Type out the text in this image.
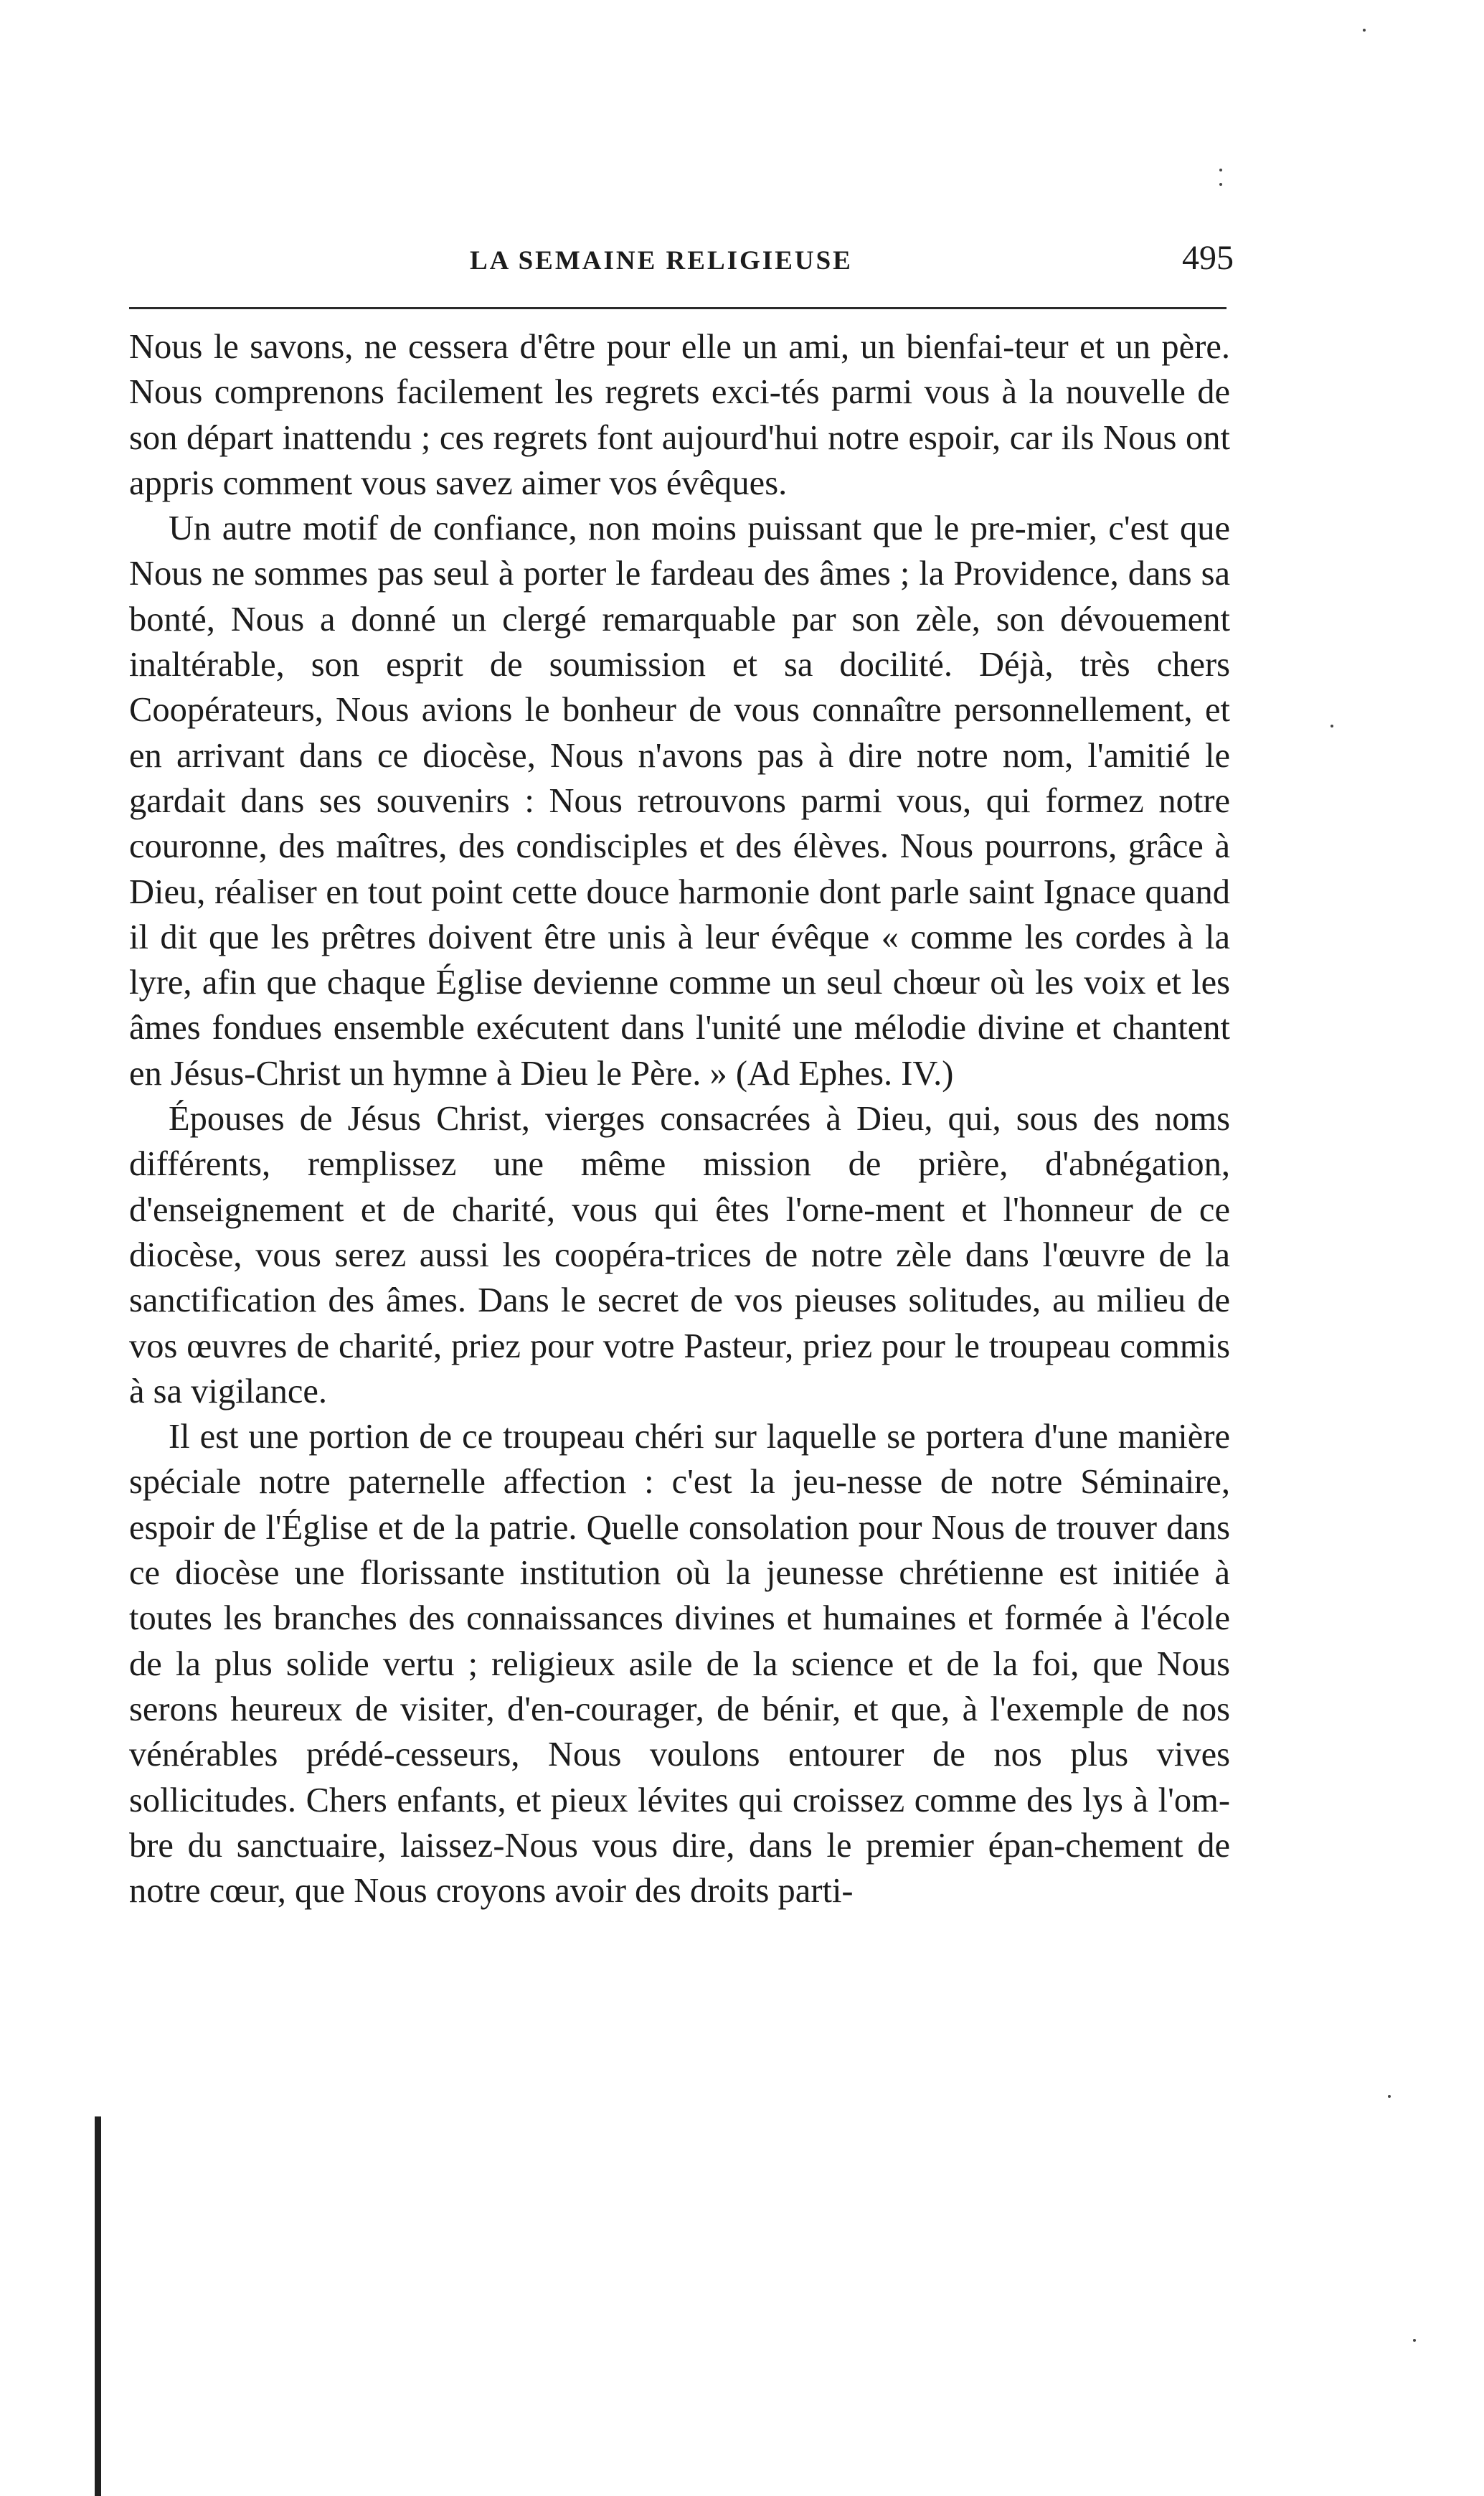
LA SEMAINE RELIGIEUSE	495

Nous le savons, ne cessera d'être pour elle un ami, un bienfai-teur et un père. Nous comprenons facilement les regrets exci-tés parmi vous à la nouvelle de son départ inattendu ; ces regrets font aujourd'hui notre espoir, car ils Nous ont appris comment vous savez aimer vos évêques.

Un autre motif de confiance, non moins puissant que le pre-mier, c'est que Nous ne sommes pas seul à porter le fardeau des âmes ; la Providence, dans sa bonté, Nous a donné un clergé remarquable par son zèle, son dévouement inaltérable, son esprit de soumission et sa docilité. Déjà, très chers Coopérateurs, Nous avions le bonheur de vous connaître personnellement, et en arrivant dans ce diocèse, Nous n'avons pas à dire notre nom, l'amitié le gardait dans ses souvenirs : Nous retrouvons parmi vous, qui formez notre couronne, des maîtres, des condisciples et des élèves. Nous pourrons, grâce à Dieu, réaliser en tout point cette douce harmonie dont parle saint Ignace quand il dit que les prêtres doivent être unis à leur évêque « comme les cordes à la lyre, afin que chaque Église devienne comme un seul chœur où les voix et les âmes fondues ensemble exécutent dans l'unité une mélodie divine et chantent en Jésus-Christ un hymne à Dieu le Père. » (Ad Ephes. IV.)

Épouses de Jésus Christ, vierges consacrées à Dieu, qui, sous des noms différents, remplissez une même mission de prière, d'abnégation, d'enseignement et de charité, vous qui êtes l'orne-ment et l'honneur de ce diocèse, vous serez aussi les coopéra-trices de notre zèle dans l'œuvre de la sanctification des âmes. Dans le secret de vos pieuses solitudes, au milieu de vos œuvres de charité, priez pour votre Pasteur, priez pour le troupeau commis à sa vigilance.

Il est une portion de ce troupeau chéri sur laquelle se portera d'une manière spéciale notre paternelle affection : c'est la jeu-nesse de notre Séminaire, espoir de l'Église et de la patrie. Quelle consolation pour Nous de trouver dans ce diocèse une florissante institution où la jeunesse chrétienne est initiée à toutes les branches des connaissances divines et humaines et formée à l'école de la plus solide vertu ; religieux asile de la science et de la foi, que Nous serons heureux de visiter, d'en-courager, de bénir, et que, à l'exemple de nos vénérables prédé-cesseurs, Nous voulons entourer de nos plus vives sollicitudes. Chers enfants, et pieux lévites qui croissez comme des lys à l'om-bre du sanctuaire, laissez-Nous vous dire, dans le premier épan-chement de notre cœur, que Nous croyons avoir des droits parti-
